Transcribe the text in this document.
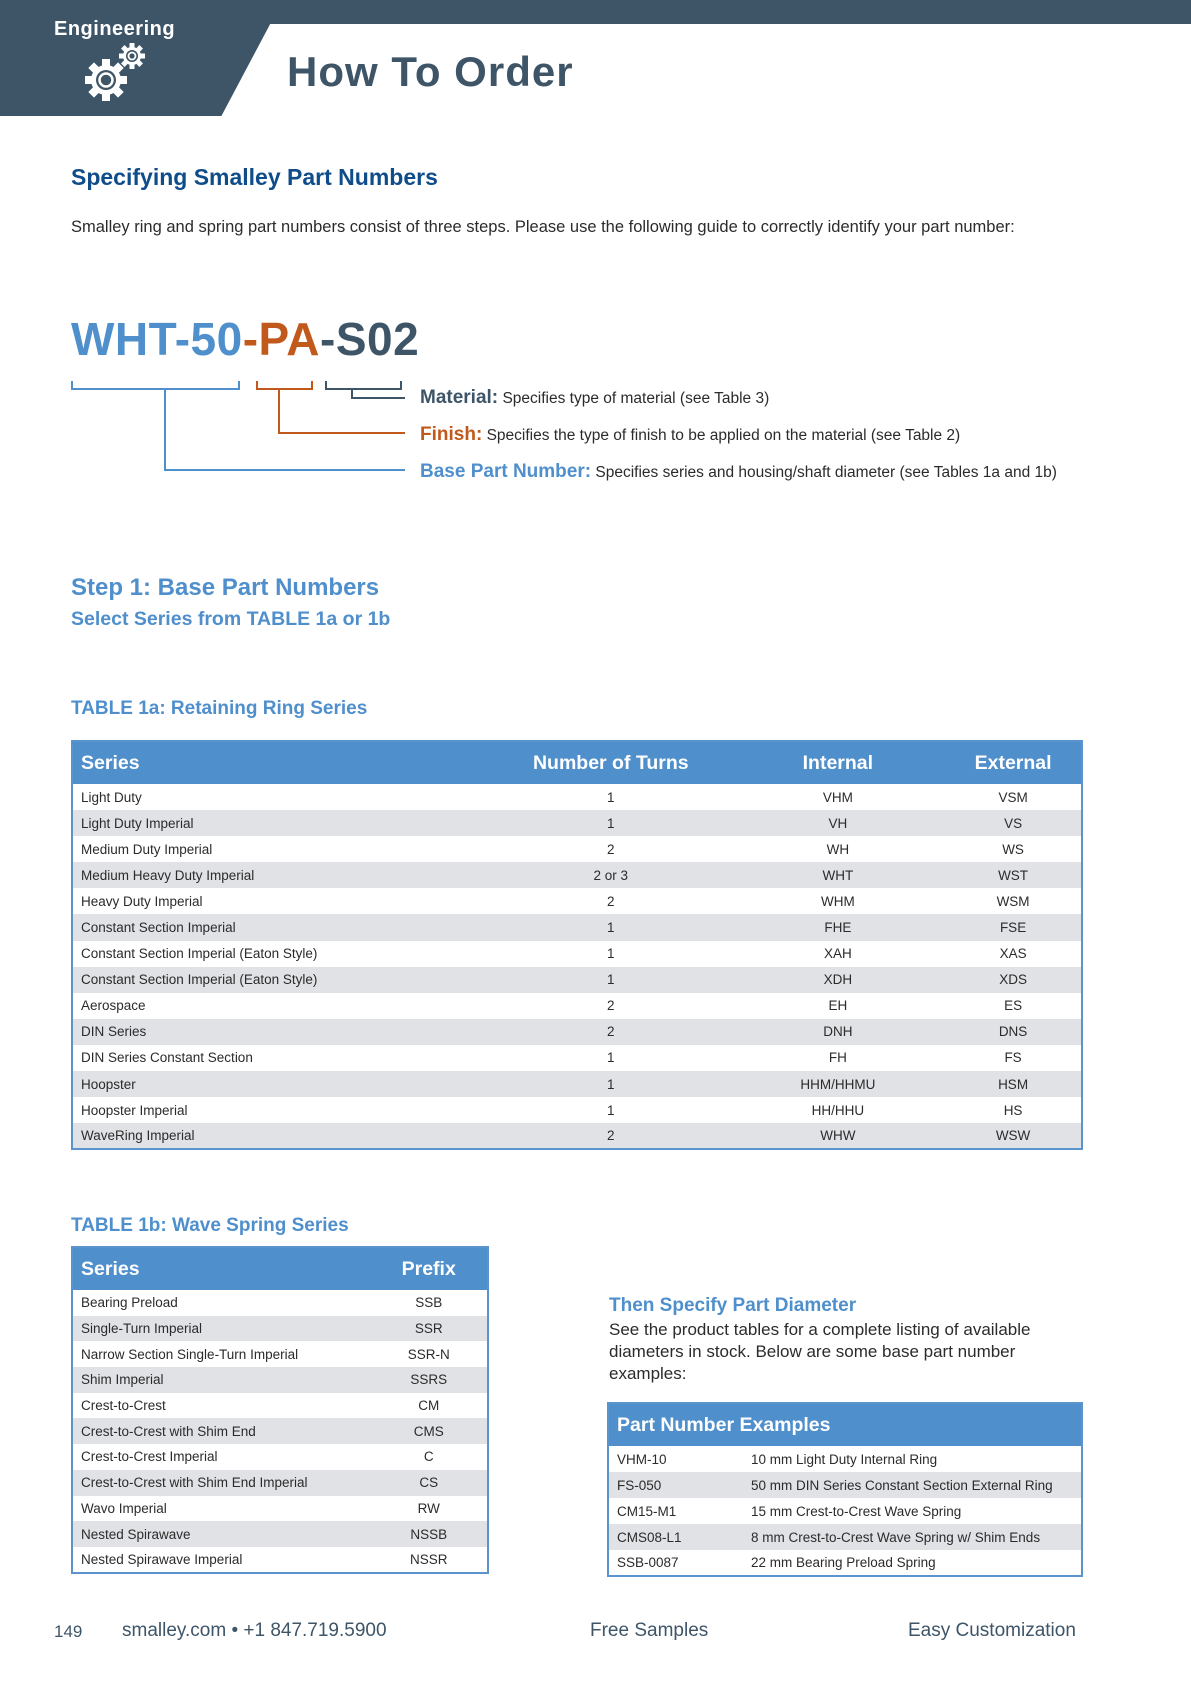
Engineering
How To Order
Specifying Smalley Part Numbers
Smalley ring and spring part numbers consist of three steps. Please use the following guide to correctly identify your part number:
WHT-50-PA-S02
Material: Specifies type of material (see Table 3)
Finish: Specifies the type of finish to be applied on the material (see Table 2)
Base Part Number: Specifies series and housing/shaft diameter (see Tables 1a and 1b)
Step 1: Base Part Numbers
Select Series from TABLE 1a or 1b
TABLE 1a: Retaining Ring Series
Series	Number of Turns	Internal	External
Light Duty	1	VHM	VSM
Light Duty Imperial	1	VH	VS
Medium Duty Imperial	2	WH	WS
Medium Heavy Duty Imperial	2 or 3	WHT	WST
Heavy Duty Imperial	2	WHM	WSM
Constant Section Imperial	1	FHE	FSE
Constant Section Imperial (Eaton Style)	1	XAH	XAS
Constant Section Imperial (Eaton Style)	1	XDH	XDS
Aerospace	2	EH	ES
DIN Series	2	DNH	DNS
DIN Series Constant Section	1	FH	FS
Hoopster	1	HHM/HHMU	HSM
Hoopster Imperial	1	HH/HHU	HS
WaveRing Imperial	2	WHW	WSW
TABLE 1b: Wave Spring Series
Series	Prefix
Bearing Preload	SSB
Single-Turn Imperial	SSR
Narrow Section Single-Turn Imperial	SSR-N
Shim Imperial	SSRS
Crest-to-Crest	CM
Crest-to-Crest with Shim End	CMS
Crest-to-Crest Imperial	C
Crest-to-Crest with Shim End Imperial	CS
Wavo Imperial	RW
Nested Spirawave	NSSB
Nested Spirawave Imperial	NSSR
Then Specify Part Diameter
See the product tables for a complete listing of available diameters in stock. Below are some base part number examples:
Part Number Examples	
VHM-10	10 mm Light Duty Internal Ring
FS-050	50 mm DIN Series Constant Section External Ring
CM15-M1	15 mm Crest-to-Crest Wave Spring
CMS08-L1	8 mm Crest-to-Crest Wave Spring w/ Shim Ends
SSB-0087	22 mm Bearing Preload Spring
149 smalley.com • +1 847.719.5900	Free Samples	Easy Customization
